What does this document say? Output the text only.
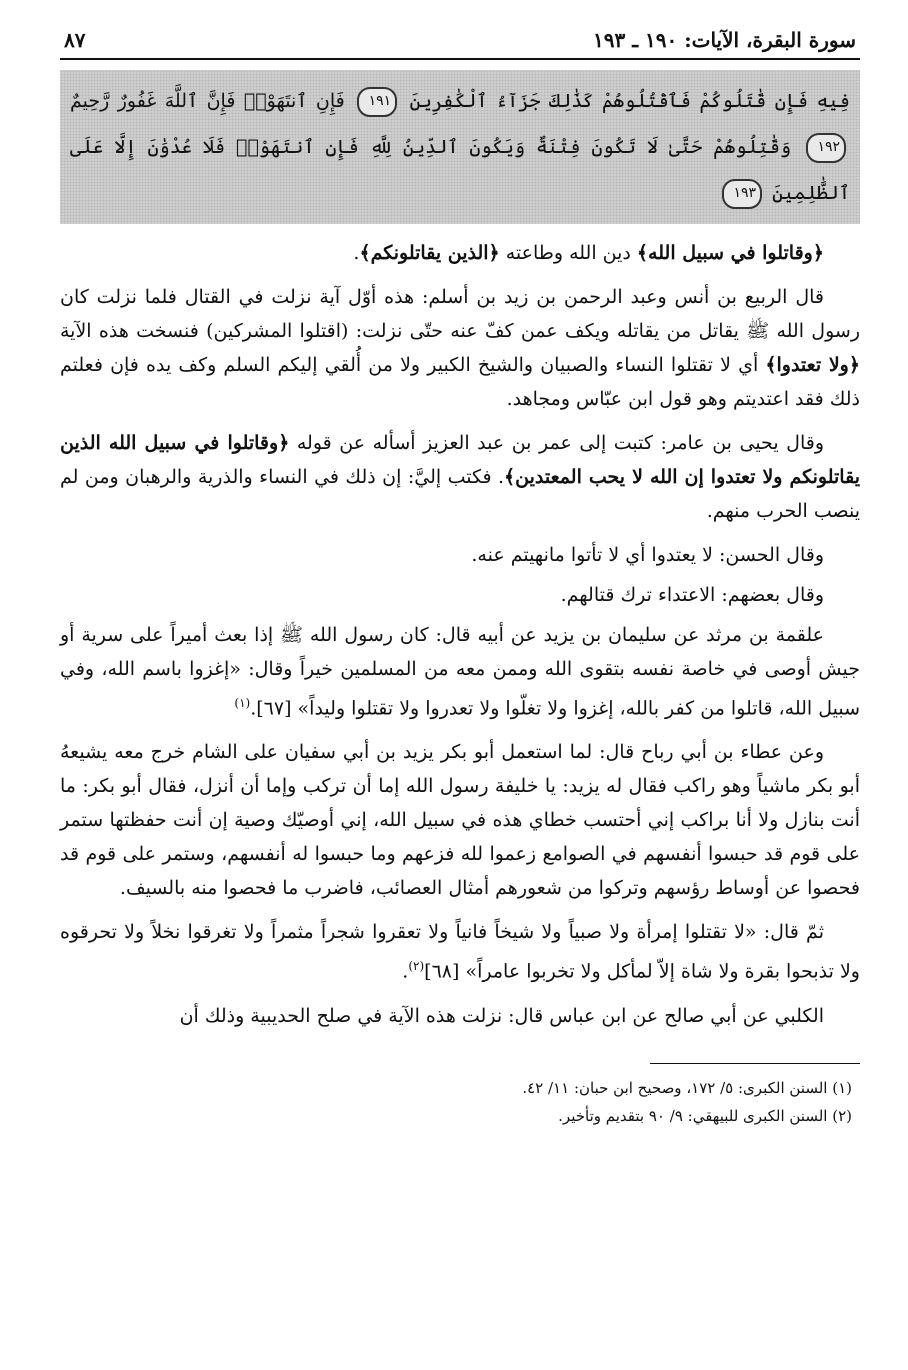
سورة البقرة، الآيات: ١٩٠ ـ ١٩٣
٨٧
فِيهِ فَإِن قَٰتَلُوكُمْ فَٱقْتُلُوهُمْ كَذَٰلِكَ جَزَآءُ ٱلْكَٰفِرِينَ ١٩١ فَإِنِ ٱنتَهَوْا۟ فَإِنَّ ٱللَّهَ غَفُورٌ رَّحِيمٌ ١٩٢ وَقَٰتِلُوهُمْ حَتَّىٰ لَا تَكُونَ فِتْنَةٌ وَيَكُونَ ٱلدِّينُ لِلَّهِ فَإِنِ ٱنتَهَوْا۟ فَلَا عُدْوَٰنَ إِلَّا عَلَى ٱلظَّٰلِمِينَ ١٩٣

﴿وقاتلوا في سبيل الله﴾ دين الله وطاعته ﴿الذين يقاتلونكم﴾.

قال الربيع بن أنس وعبد الرحمن بن زيد بن أسلم: هذه أوّل آية نزلت في القتال فلما نزلت كان رسول الله ﷺ يقاتل من يقاتله ويكف عمن كفّ عنه حتّى نزلت: (اقتلوا المشركين) فنسخت هذه الآية ﴿ولا تعتدوا﴾ أي لا تقتلوا النساء والصبيان والشيخ الكبير ولا من أُلقي إليكم السلم وكف يده فإن فعلتم ذلك فقد اعتديتم وهو قول ابن عبّاس ومجاهد.

وقال يحيى بن عامر: كتبت إلى عمر بن عبد العزيز أسأله عن قوله ﴿وقاتلوا في سبيل الله الذين يقاتلونكم ولا تعتدوا إن الله لا يحب المعتدين﴾. فكتب إليَّ: إن ذلك في النساء والذرية والرهبان ومن لم ينصب الحرب منهم.

وقال الحسن: لا يعتدوا أي لا تأتوا مانهيتم عنه.

وقال بعضهم: الاعتداء ترك قتالهم.

علقمة بن مرثد عن سليمان بن يزيد عن أبيه قال: كان رسول الله ﷺ إذا بعث أميراً على سرية أو جيش أوصى في خاصة نفسه بتقوى الله وممن معه من المسلمين خيراً وقال: «إغزوا باسم الله، وفي سبيل الله، قاتلوا من كفر بالله، إغزوا ولا تغلّوا ولا تعدروا ولا تقتلوا وليداً» [٦٧].$^{(١)}$

وعن عطاء بن أبي رباح قال: لما استعمل أبو بكر يزيد بن أبي سفيان على الشام خرج معه يشيعهُ أبو بكر ماشياً وهو راكب فقال له يزيد: يا خليفة رسول الله إما أن تركب وإما أن أنزل، فقال أبو بكر: ما أنت بنازل ولا أنا براكب إني أحتسب خطاي هذه في سبيل الله، إني أوصيّك وصية إن أنت حفظتها ستمر على قوم قد حبسوا أنفسهم في الصوامع زعموا لله فزعهم وما حبسوا له أنفسهم، وستمر على قوم قد فحصوا عن أوساط رؤسهم وتركوا من شعورهم أمثال العصائب، فاضرب ما فحصوا منه بالسيف.

ثمّ قال: «لا تقتلوا إمرأة ولا صبياً ولا شيخاً فانياً ولا تعقروا شجراً مثمراً ولا تغرقوا نخلاً ولا تحرقوه ولا تذبحوا بقرة ولا شاة إلاّ لمأكل ولا تخربوا عامراً» [٦٨]$^{(٢)}$.

الكلبي عن أبي صالح عن ابن عباس قال: نزلت هذه الآية في صلح الحديبية وذلك أن

(١) السنن الكبرى: ٥/ ١٧٢، وصحيح ابن حبان: ١١/ ٤٢.
(٢) السنن الكبرى للبيهقي: ٩/ ٩٠ بتقديم وتأخير.
